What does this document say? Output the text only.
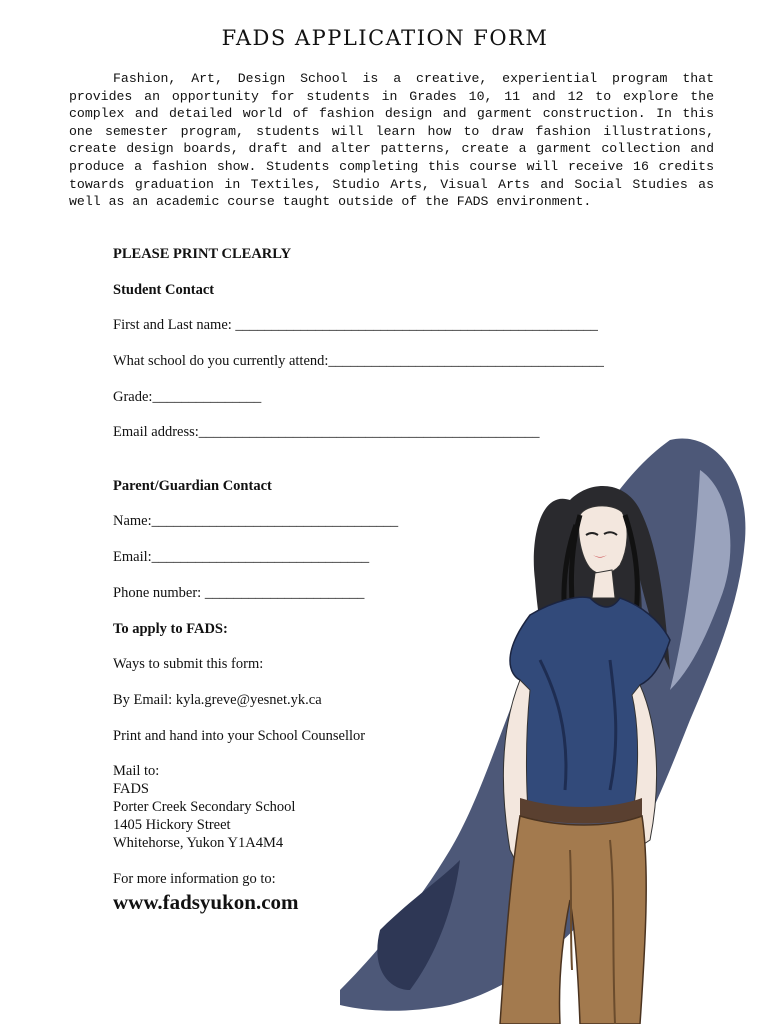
FADS APPLICATION FORM

Fashion, Art, Design School is a creative, experiential program that provides an opportunity for students in Grades 10, 11 and 12 to explore the complex and detailed world of fashion design and garment construction. In this one semester program, students will learn how to draw fashion illustrations, create design boards, draft and alter patterns, create a garment collection and produce a fashion show. Students completing this course will receive 16 credits towards graduation in Textiles, Studio Arts, Visual Arts and Social Studies as well as an academic course taught outside of the FADS environment.

PLEASE PRINT CLEARLY
Student Contact
First and Last name: __________________________________________________
What school do you currently attend:______________________________________
Grade:_______________
Email address:_______________________________________________
Parent/Guardian Contact
Name:__________________________________
Email:______________________________
Phone number: ______________________
To apply to FADS:
Ways to submit this form:
By Email: kyla.greve@yesnet.yk.ca
Print and hand into your School Counsellor
Mail to:
FADS
Porter Creek Secondary School
1405 Hickory Street
Whitehorse, Yukon Y1A4M4
For more information go to:
www.fadsyukon.com
